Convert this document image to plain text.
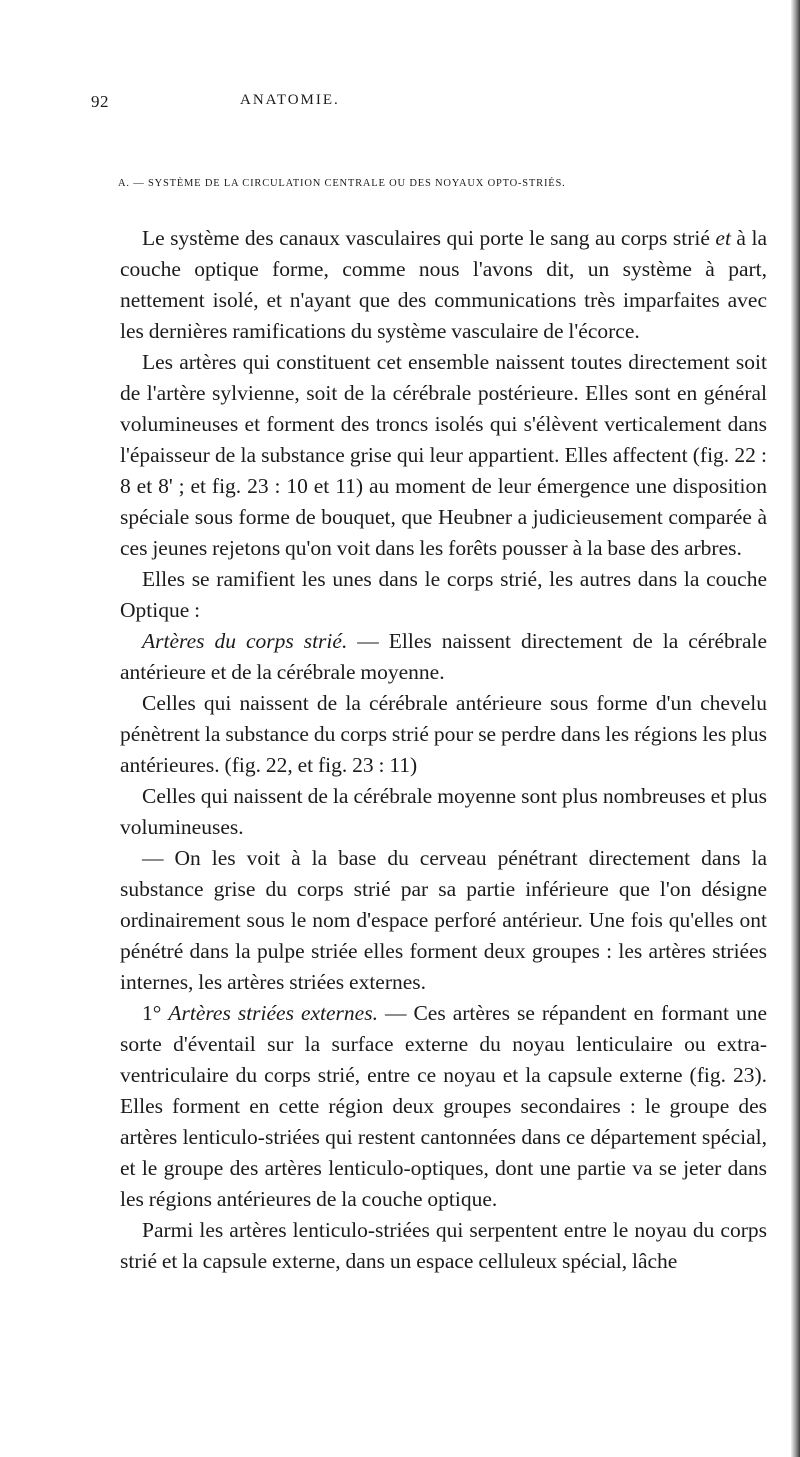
92	ANATOMIE.
A. — SYSTÈME DE LA CIRCULATION CENTRALE OU DES NOYAUX OPTO-STRIÉS.

Le système des canaux vasculaires qui porte le sang au corps strié et à la couche optique forme, comme nous l'avons dit, un système à part, nettement isolé, et n'ayant que des communications très imparfaites avec les dernières ramifications du système vasculaire de l'écorce.

Les artères qui constituent cet ensemble naissent toutes directement soit de l'artère sylvienne, soit de la cérébrale postérieure. Elles sont en général volumineuses et forment des troncs isolés qui s'élèvent verticalement dans l'épaisseur de la substance grise qui leur appartient. Elles affectent (fig. 22 : 8 et 8' ; et fig. 23 : 10 et 11) au moment de leur émergence une disposition spéciale sous forme de bouquet, que Heubner a judicieusement comparée à ces jeunes rejetons qu'on voit dans les forêts pousser à la base des arbres.

Elles se ramifient les unes dans le corps strié, les autres dans la couche Optique :

Artères du corps strié. — Elles naissent directement de la cérébrale antérieure et de la cérébrale moyenne.

Celles qui naissent de la cérébrale antérieure sous forme d'un chevelu pénètrent la substance du corps strié pour se perdre dans les régions les plus antérieures. (fig. 22, et fig. 23 : 11)

Celles qui naissent de la cérébrale moyenne sont plus nombreuses et plus volumineuses.

— On les voit à la base du cerveau pénétrant directement dans la substance grise du corps strié par sa partie inférieure que l'on désigne ordinairement sous le nom d'espace perforé antérieur. Une fois qu'elles ont pénétré dans la pulpe striée elles forment deux groupes : les artères striées internes, les artères striées externes.

1° Artères striées externes. — Ces artères se répandent en formant une sorte d'éventail sur la surface externe du noyau lenticulaire ou extra-ventriculaire du corps strié, entre ce noyau et la capsule externe (fig. 23). Elles forment en cette région deux groupes secondaires : le groupe des artères lenticulo-striées qui restent cantonnées dans ce département spécial, et le groupe des artères lenticulo-optiques, dont une partie va se jeter dans les régions antérieures de la couche optique.

Parmi les artères lenticulo-striées qui serpentent entre le noyau du corps strié et la capsule externe, dans un espace celluleux spécial, lâche
